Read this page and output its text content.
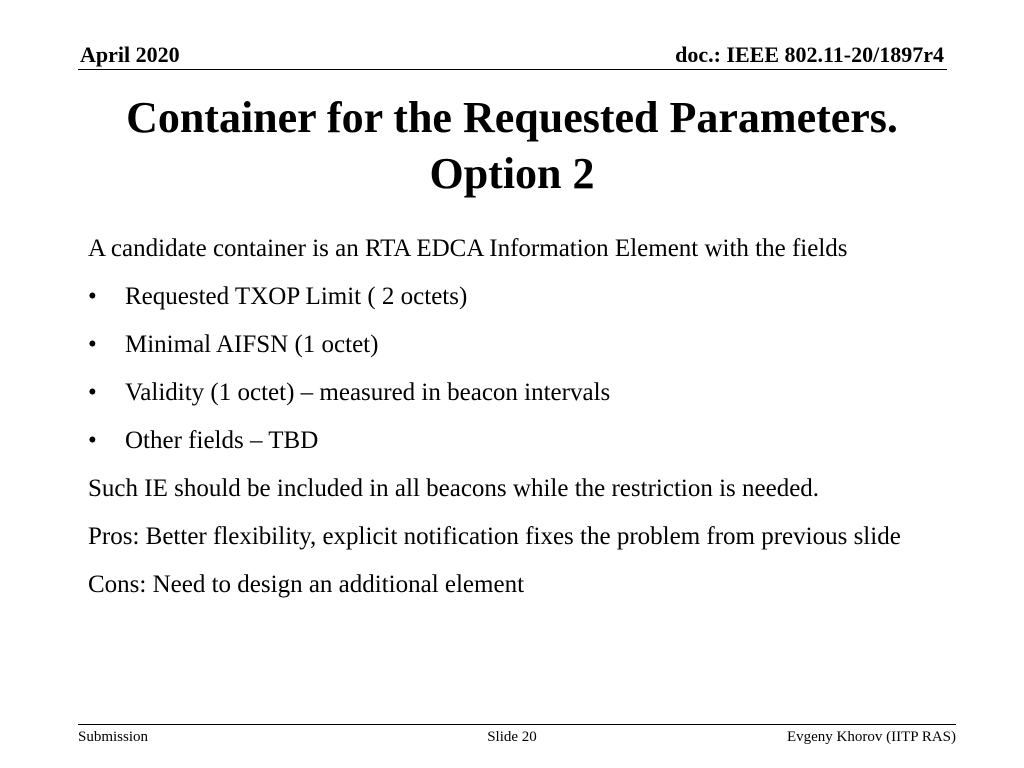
April 2020	doc.: IEEE 802.11-20/1897r4
Container for the Requested Parameters.
Option 2
A candidate container is an RTA EDCA Information Element with the fields
• Requested TXOP Limit ( 2 octets)
• Minimal AIFSN (1 octet)
• Validity (1 octet) – measured in beacon intervals
• Other fields – TBD
Such IE should be included in all beacons while the restriction is needed.
Pros: Better flexibility, explicit notification fixes the problem from previous slide
Cons: Need to design an additional element
Submission	Slide 20	Evgeny Khorov (IITP RAS)
